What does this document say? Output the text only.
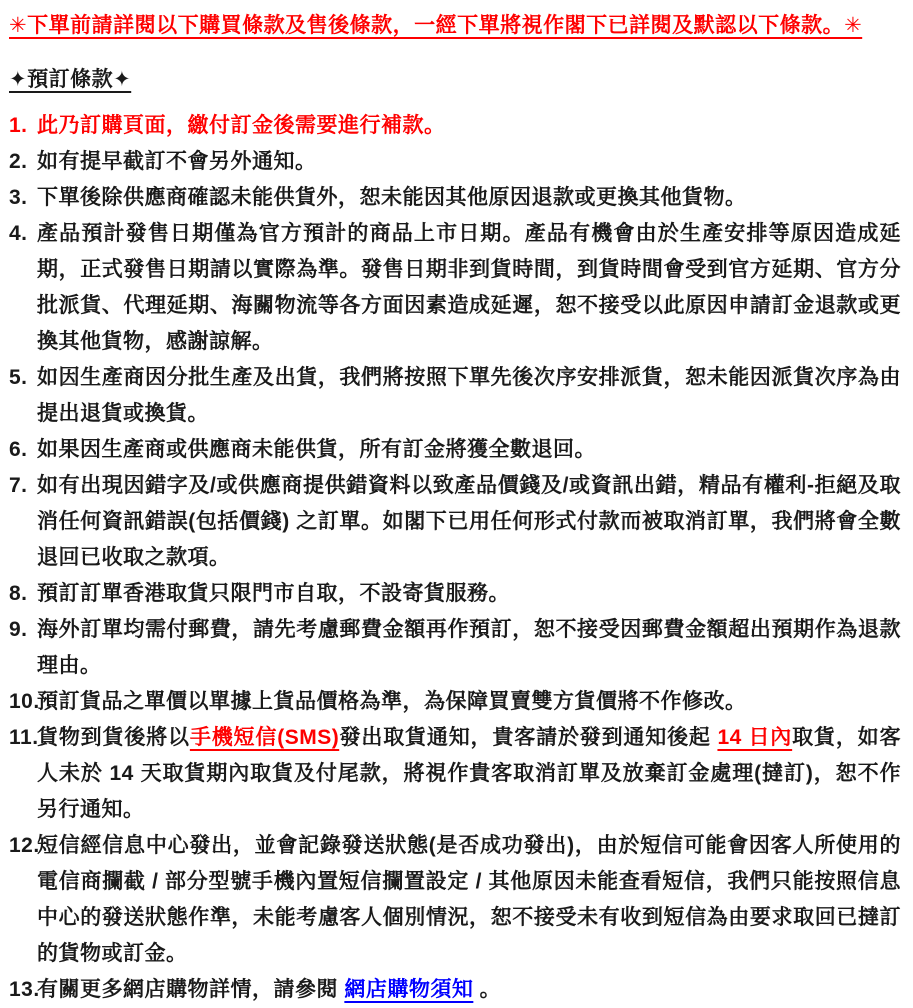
✳下單前請詳閱以下購買條款及售後條款，一經下單將視作閣下已詳閱及默認以下條款。✳
✦預訂條款✦
1. 此乃訂購頁面，繳付訂金後需要進行補款。
2. 如有提早截訂不會另外通知。
3. 下單後除供應商確認未能供貨外，恕未能因其他原因退款或更換其他貨物。
4. 產品預計發售日期僅為官方預計的商品上市日期。產品有機會由於生產安排等原因造成延期，正式發售日期請以實際為準。發售日期非到貨時間，到貨時間會受到官方延期、官方分批派貨、代理延期、海關物流等各方面因素造成延遲，恕不接受以此原因申請訂金退款或更換其他貨物，感謝諒解。
5. 如因生產商因分批生產及出貨，我們將按照下單先後次序安排派貨，恕未能因派貨次序為由提出退貨或換貨。
6. 如果因生產商或供應商未能供貨，所有訂金將獲全數退回。
7. 如有出現因錯字及/或供應商提供錯資料以致產品價錢及/或資訊出錯，精品有權利-拒絕及取消任何資訊錯誤(包括價錢) 之訂單。如閣下已用任何形式付款而被取消訂單，我們將會全數退回已收取之款項。
8. 預訂訂單香港取貨只限門市自取，不設寄貨服務。
9. 海外訂單均需付郵費，請先考慮郵費金額再作預訂，恕不接受因郵費金額超出預期作為退款理由。
10.
預訂貨品之單價以單據上貨品價格為準，為保障買賣雙方貨價將不作修改。
11.
貨物到貨後將以手機短信(SMS)發出取貨通知，貴客請於發到通知後起 14 日內取貨，如客人未於 14 天取貨期內取貨及付尾款，將視作貴客取消訂單及放棄訂金處理(撻訂)，恕不作另行通知。
12.
短信經信息中心發出，並會記錄發送狀態(是否成功發出)，由於短信可能會因客人所使用的電信商攔截 / 部分型號手機內置短信攔置設定 / 其他原因未能查看短信，我們只能按照信息中心的發送狀態作準，未能考慮客人個別情況，恕不接受未有收到短信為由要求取回已撻訂的貨物或訂金。
13.
有關更多網店購物詳情，請參閱 網店購物須知 。
